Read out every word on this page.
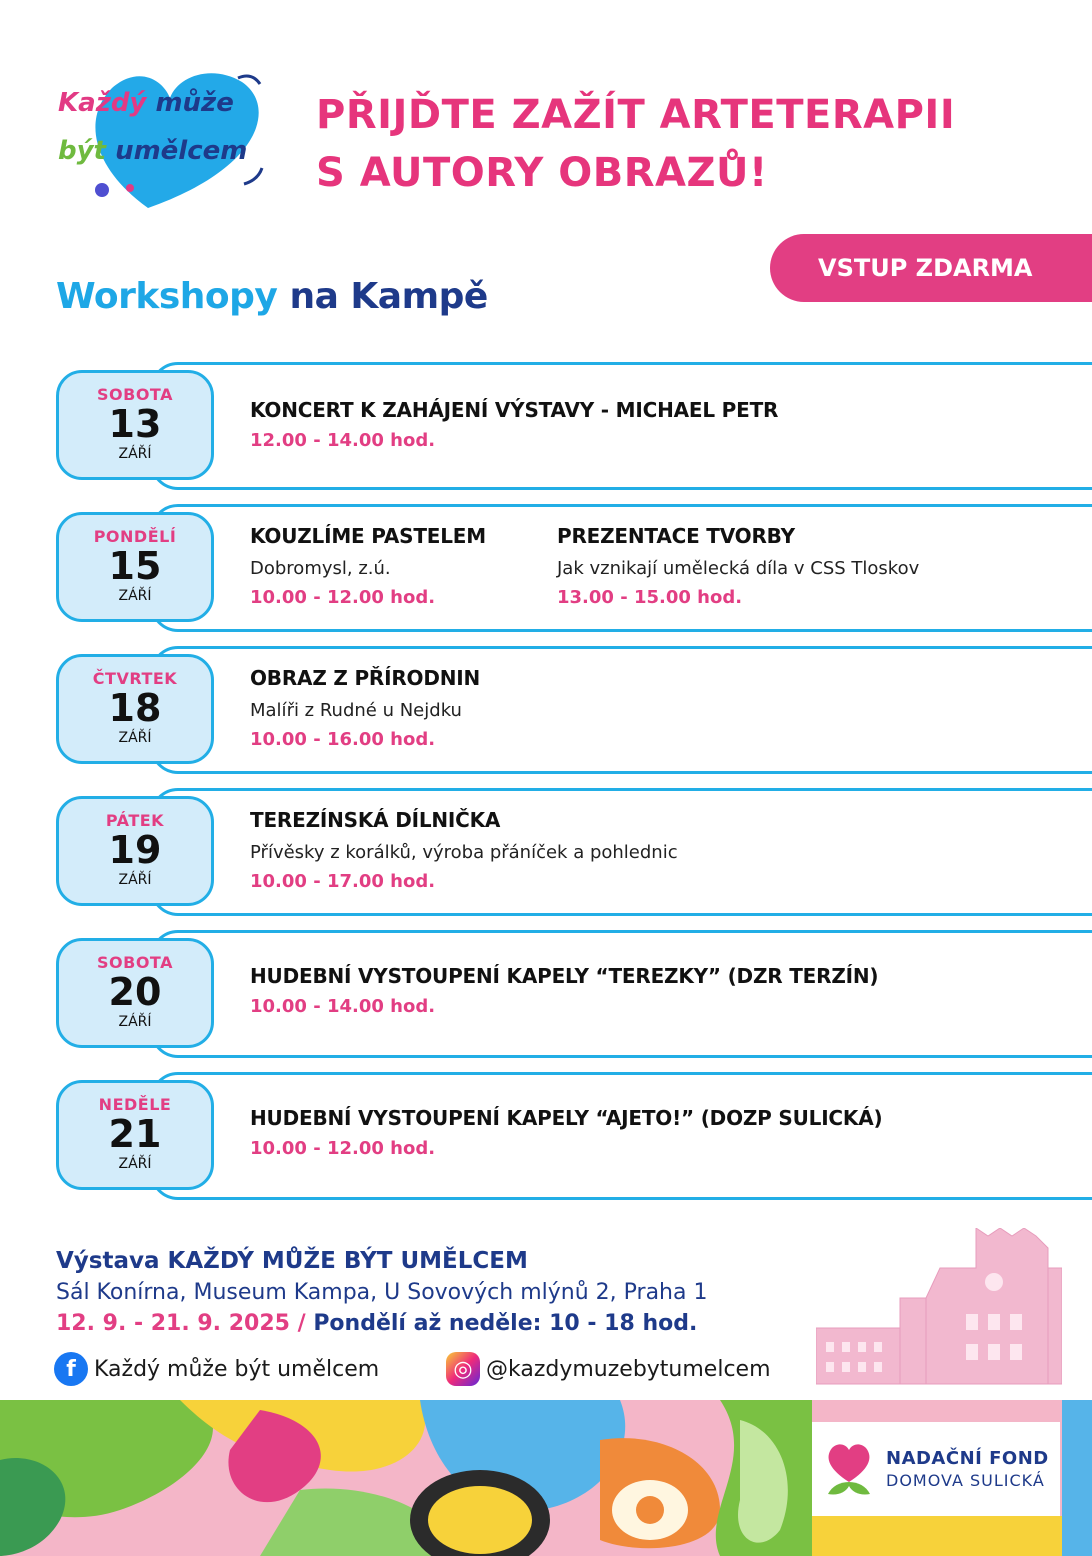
Každý může
být umělcem
PŘIJĎTE ZAŽÍT ARTETERAPII
S AUTORY OBRAZŮ!
VSTUP ZDARMA
Workshopy na Kampě
SOBOTA
13
ZÁŘÍ
KONCERT K ZAHÁJENÍ VÝSTAVY - MICHAEL PETR
12.00 - 14.00 hod.
PONDĚLÍ
15
ZÁŘÍ
KOUZLÍME PASTELEM
Dobromysl, z.ú.
10.00 - 12.00 hod.
PREZENTACE TVORBY
Jak vznikají umělecká díla v CSS Tloskov
13.00 - 15.00 hod.
ČTVRTEK
18
ZÁŘÍ
OBRAZ Z PŘÍRODNIN
Malíři z Rudné u Nejdku
10.00 - 16.00 hod.
PÁTEK
19
ZÁŘÍ
TEREZÍNSKÁ DÍLNIČKA
Přívěsky z korálků, výroba přáníček a pohlednic
10.00 - 17.00 hod.
SOBOTA
20
ZÁŘÍ
HUDEBNÍ VYSTOUPENÍ KAPELY “TEREZKY” (DZR TERZÍN)
10.00 - 14.00 hod.
NEDĚLE
21
ZÁŘÍ
HUDEBNÍ VYSTOUPENÍ KAPELY “AJETO!” (DOZP SULICKÁ)
10.00 - 12.00 hod.
Výstava KAŽDÝ MŮŽE BÝT UMĚLCEM
Sál Konírna, Museum Kampa, U Sovových mlýnů 2, Praha 1
12. 9. - 21. 9. 2025 / Pondělí až neděle: 10 - 18 hod.
f Každý může být umělcem	◎ @kazdymuzebytumelcem
NADAČNÍ FOND
DOMOVA SULICKÁ
